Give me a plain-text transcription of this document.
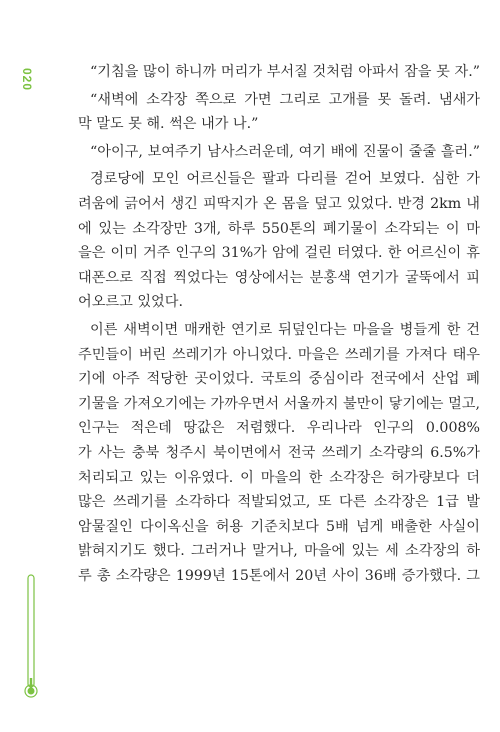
020	“기침을 많이 하니까 머리가 부서질 것처럼 아파서 잠을 못 자.”
“새벽에 소각장 쪽으로 가면 그리로 고개를 못 돌려. 냄새가
막 말도 못 해. 썩은 내가 나.”
“아이구, 보여주기 남사스러운데, 여기 배에 진물이 줄줄 흘러.”
경로당에 모인 어르신들은 팔과 다리를 걷어 보였다. 심한 가
려움에 긁어서 생긴 피딱지가 온 몸을 덮고 있었다. 반경 2km 내
에 있는 소각장만 3개, 하루 550톤의 폐기물이 소각되는 이 마
을은 이미 거주 인구의 31%가 암에 걸린 터였다. 한 어르신이 휴
대폰으로 직접 찍었다는 영상에서는 분홍색 연기가 굴뚝에서 피
어오르고 있었다.
이른 새벽이면 매캐한 연기로 뒤덮인다는 마을을 병들게 한 건
주민들이 버린 쓰레기가 아니었다. 마을은 쓰레기를 가져다 태우
기에 아주 적당한 곳이었다. 국토의 중심이라 전국에서 산업 폐
기물을 가져오기에는 가까우면서 서울까지 불만이 닿기에는 멀고,
인구는 적은데 땅값은 저렴했다. 우리나라 인구의 0.008%
가 사는 충북 청주시 북이면에서 전국 쓰레기 소각량의 6.5%가
처리되고 있는 이유였다. 이 마을의 한 소각장은 허가량보다 더
많은 쓰레기를 소각하다 적발되었고, 또 다른 소각장은 1급 발
암물질인 다이옥신을 허용 기준치보다 5배 넘게 배출한 사실이
밝혀지기도 했다. 그러거나 말거나, 마을에 있는 세 소각장의 하
루 총 소각량은 1999년 15톤에서 20년 사이 36배 증가했다. 그
